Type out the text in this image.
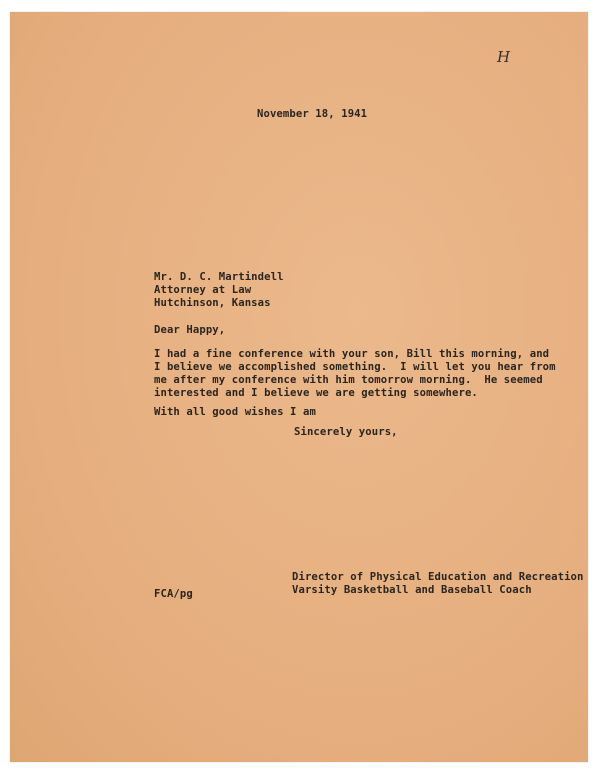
H
November 18, 1941
Mr. D. C. Martindell
Attorney at Law
Hutchinson, Kansas
Dear Happy,
I had a fine conference with your son, Bill this morning, and
I believe we accomplished something.  I will let you hear from
me after my conference with him tomorrow morning.  He seemed
interested and I believe we are getting somewhere.
With all good wishes I am
Sincerely yours,
FCA/pg
Director of Physical Education and Recreation
Varsity Basketball and Baseball Coach
